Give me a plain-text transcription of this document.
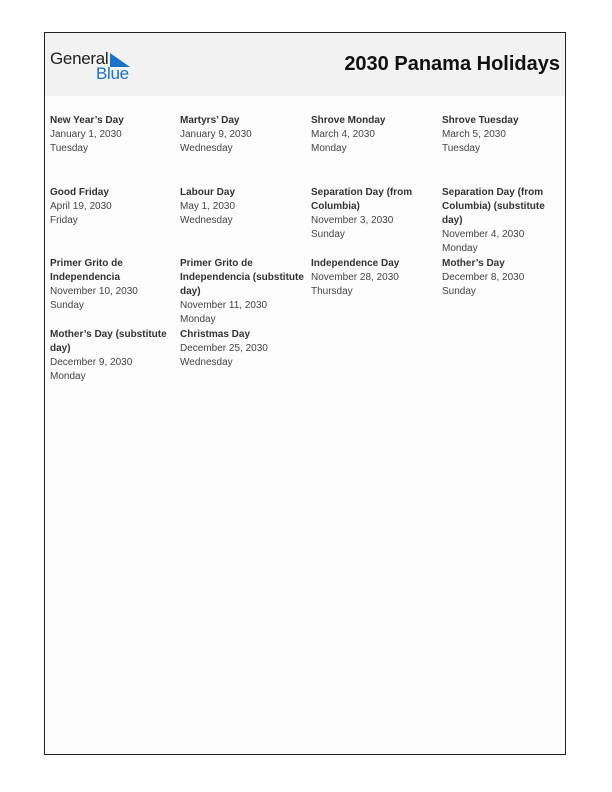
General
Blue	2030 Panama Holidays
New Year’s Day
January 1, 2030
Tuesday
Martyrs’ Day
January 9, 2030
Wednesday
Shrove Monday
March 4, 2030
Monday
Shrove Tuesday
March 5, 2030
Tuesday
Good Friday
April 19, 2030
Friday
Labour Day
May 1, 2030
Wednesday
Separation Day (from Columbia)
November 3, 2030
Sunday
Separation Day (from Columbia) (substitute day)
November 4, 2030
Monday
Primer Grito de Independencia
November 10, 2030
Sunday
Primer Grito de Independencia (substitute day)
November 11, 2030
Monday
Independence Day
November 28, 2030
Thursday
Mother’s Day
December 8, 2030
Sunday
Mother’s Day (substitute day)
December 9, 2030
Monday
Christmas Day
December 25, 2030
Wednesday
